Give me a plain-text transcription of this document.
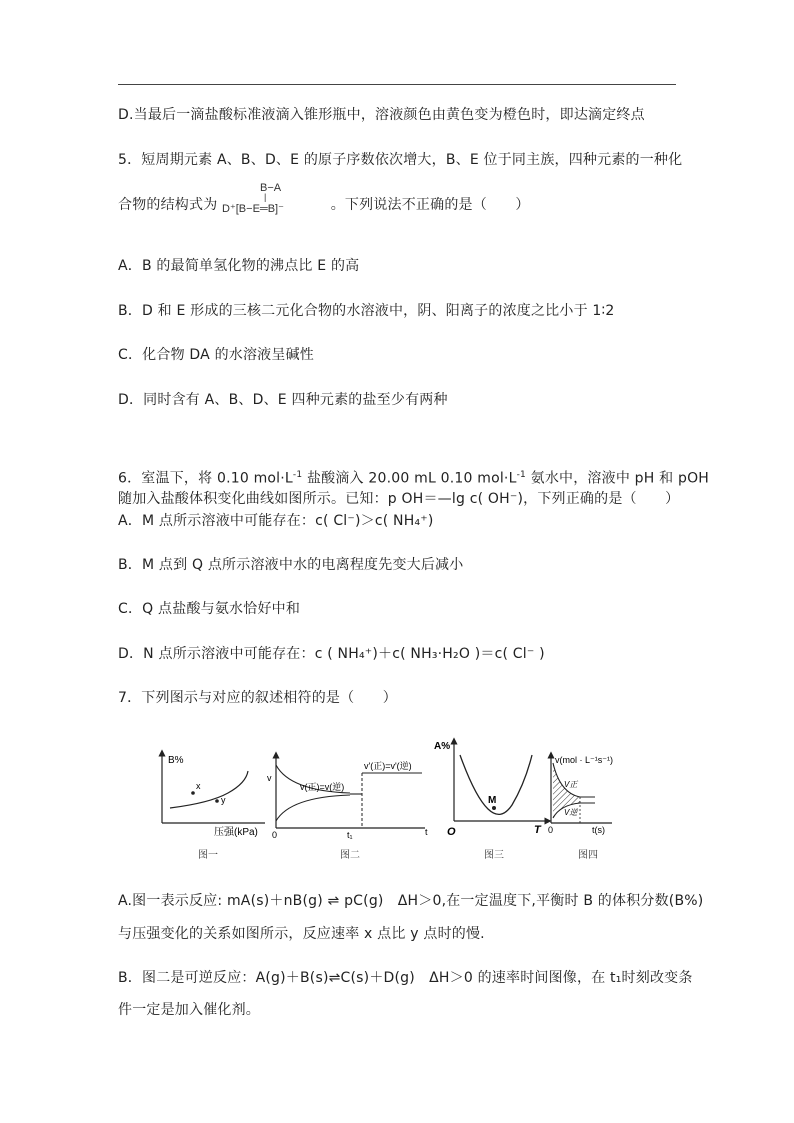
D.当最后一滴盐酸标准液滴入锥形瓶中，溶液颜色由黄色变为橙色时，即达滴定终点
5．短周期元素 A、B、D、E 的原子序数依次增大，B、E 位于同主族，四种元素的一种化
合物的结构式为	。下列说法不正确的是（　　）
B−A
|
D⁺[B−E═B]⁻
A．B 的最简单氢化物的沸点比 E 的高
B．D 和 E 形成的三核二元化合物的水溶液中，阴、阳离子的浓度之比小于 1∶2
C．化合物 DA 的水溶液呈碱性
D．同时含有 A、B、D、E 四种元素的盐至少有两种
6．室温下，将 0.10 $mol\cdot L^{-1}$ 盐酸滴入 20.00 mL 0.10 $mol\cdot L^{-1}$ 氨水中，溶液中 pH 和 pOH
随加入盐酸体积变化曲线如图所示。已知：p OH＝—lg c( OH⁻)，下列正确的是（　　）
A．M 点所示溶液中可能存在：c( Cl⁻)＞c( NH₄⁺)
B．M 点到 Q 点所示溶液中水的电离程度先变大后减小
C．Q 点盐酸与氨水恰好中和
D．N 点所示溶液中可能存在：c ( NH₄⁺)＋c( NH₃·H₂O )＝c( Cl⁻ )
7．下列图示与对应的叙述相符的是（　　）
B%
x
y
压强(kPa)
v
v(正)=v(逆)
v'(正)=v'(逆)
0	t₁	t
A%
M
O	T
v(mol · L⁻¹s⁻¹)
V正
V逆
0	t(s)
图一	图二	图三	图四
A.图一表示反应: mA(s)＋nB(g) ⇌ pC(g)　ΔH＞0,在一定温度下,平衡时 B 的体积分数(B%)
与压强变化的关系如图所示，反应速率 x 点比 y 点时的慢.
B．图二是可逆反应：A(g)＋B(s)⇌C(s)＋D(g)　ΔH＞0 的速率时间图像，在 t₁时刻改变条
件一定是加入催化剂。
